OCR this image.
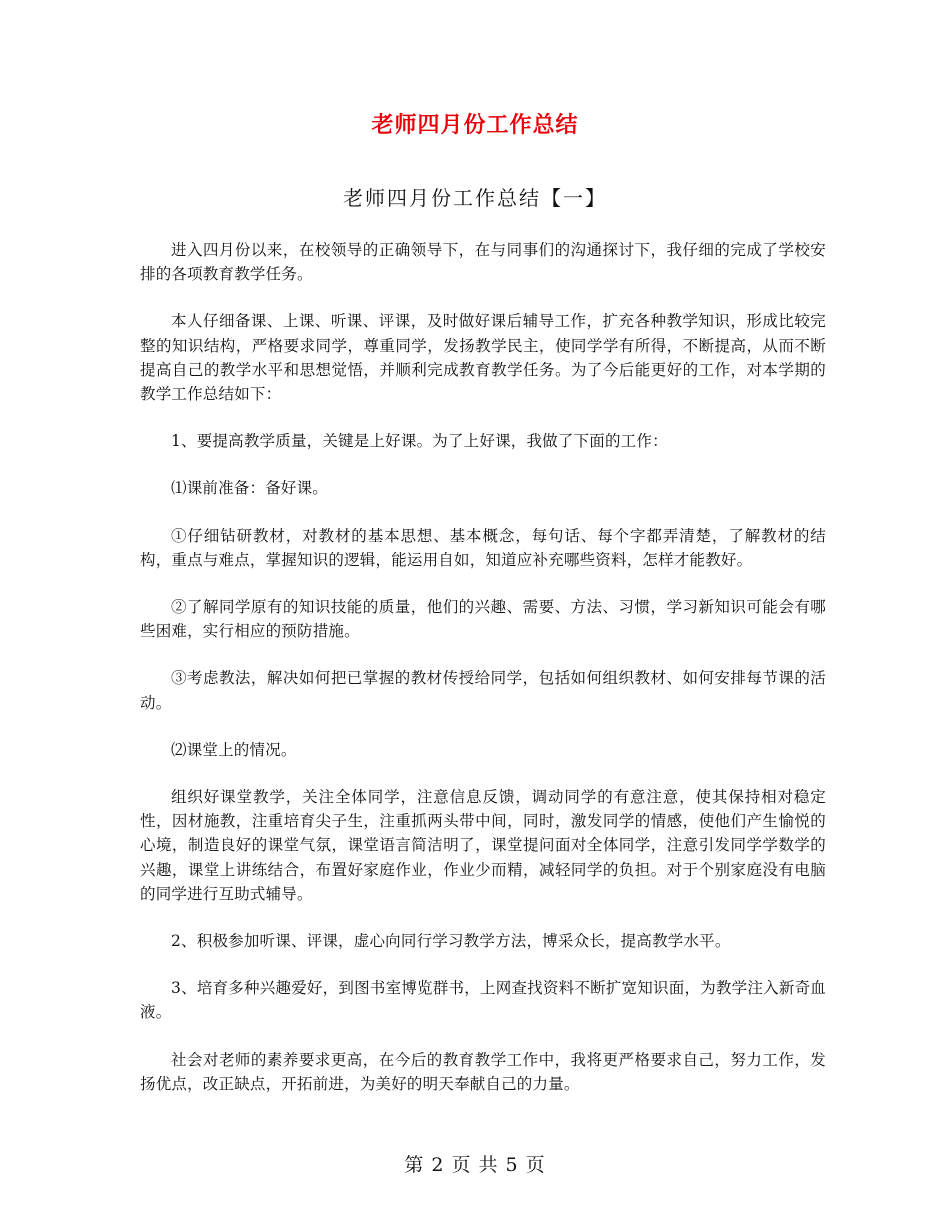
老师四月份工作总结
老师四月份工作总结【一】

进入四月份以来，在校领导的正确领导下，在与同事们的沟通探讨下，我仔细的完成了学校安排的各项教育教学任务。

本人仔细备课、上课、听课、评课，及时做好课后辅导工作，扩充各种教学知识，形成比较完整的知识结构，严格要求同学，尊重同学，发扬教学民主，使同学学有所得，不断提高，从而不断提高自己的教学水平和思想觉悟，并顺利完成教育教学任务。为了今后能更好的工作，对本学期的教学工作总结如下：

1、要提高教学质量，关键是上好课。为了上好课，我做了下面的工作：

⑴课前准备：备好课。

①仔细钻研教材，对教材的基本思想、基本概念，每句话、每个字都弄清楚，了解教材的结构，重点与难点，掌握知识的逻辑，能运用自如，知道应补充哪些资料，怎样才能教好。

②了解同学原有的知识技能的质量，他们的兴趣、需要、方法、习惯，学习新知识可能会有哪些困难，实行相应的预防措施。

③考虑教法，解决如何把已掌握的教材传授给同学，包括如何组织教材、如何安排每节课的活动。

⑵课堂上的情况。

组织好课堂教学，关注全体同学，注意信息反馈，调动同学的有意注意，使其保持相对稳定性，因材施教，注重培育尖子生，注重抓两头带中间，同时，激发同学的情感，使他们产生愉悦的心境，制造良好的课堂气氛，课堂语言简洁明了，课堂提问面对全体同学，注意引发同学学数学的兴趣，课堂上讲练结合，布置好家庭作业，作业少而精，减轻同学的负担。对于个别家庭没有电脑的同学进行互助式辅导。

2、积极参加听课、评课，虚心向同行学习教学方法，博采众长，提高教学水平。

3、培育多种兴趣爱好，到图书室博览群书，上网查找资料不断扩宽知识面，为教学注入新奇血液。

社会对老师的素养要求更高，在今后的教育教学工作中，我将更严格要求自己，努力工作，发扬优点，改正缺点，开拓前进，为美好的明天奉献自己的力量。

第 2 页 共 5 页
